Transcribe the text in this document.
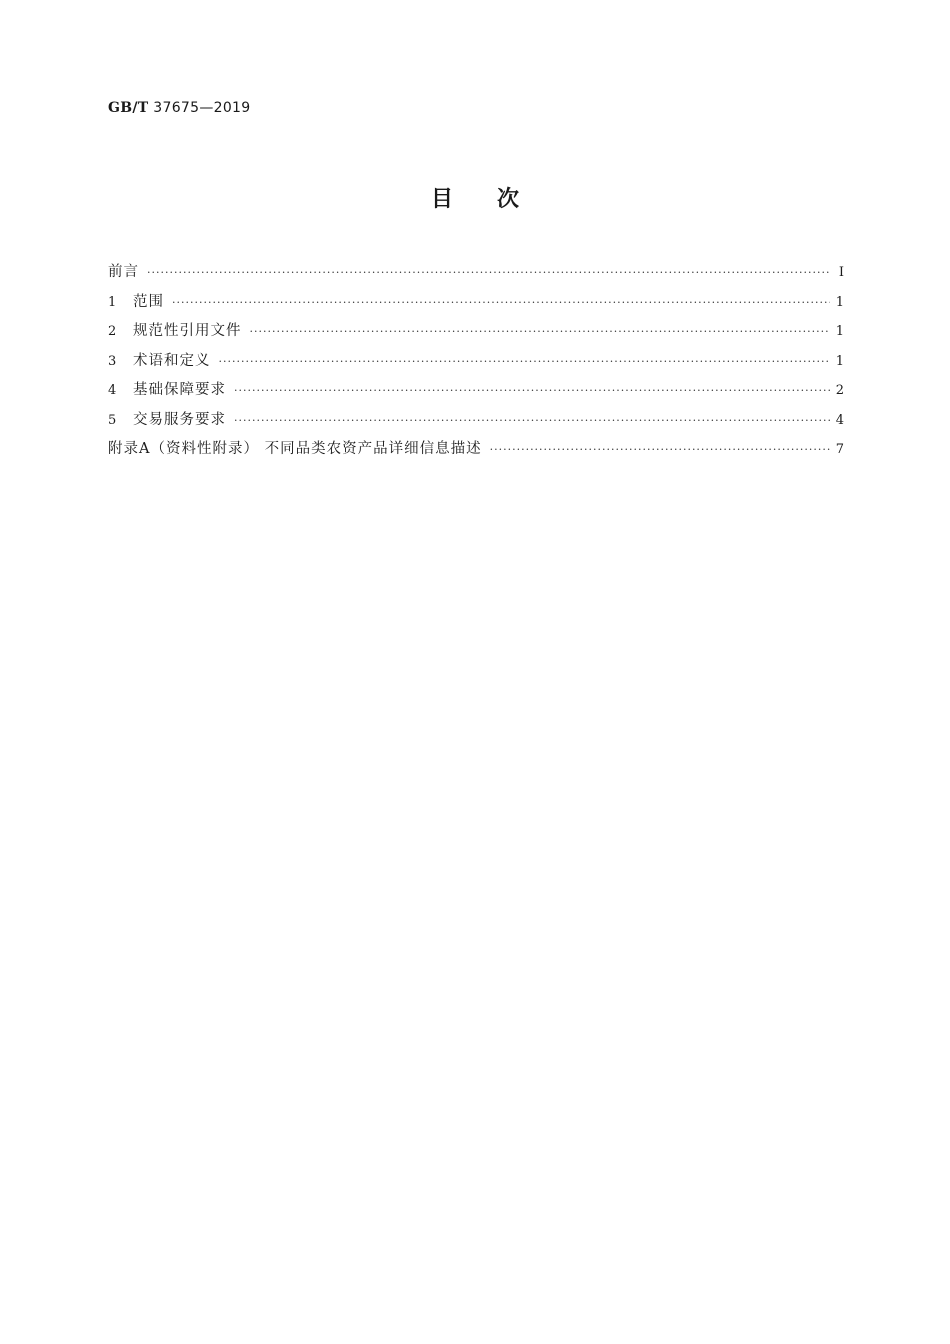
GB/T 37675—2019
目次
前言 ·····	I
1	范围 ·····	1
2	规范性引用文件 ·····	1
3	术语和定义 ·····	1
4	基础保障要求 ·····	2
5	交易服务要求 ·····	4
附录A（资料性附录） 不同品类农资产品详细信息描述 ·····	7
